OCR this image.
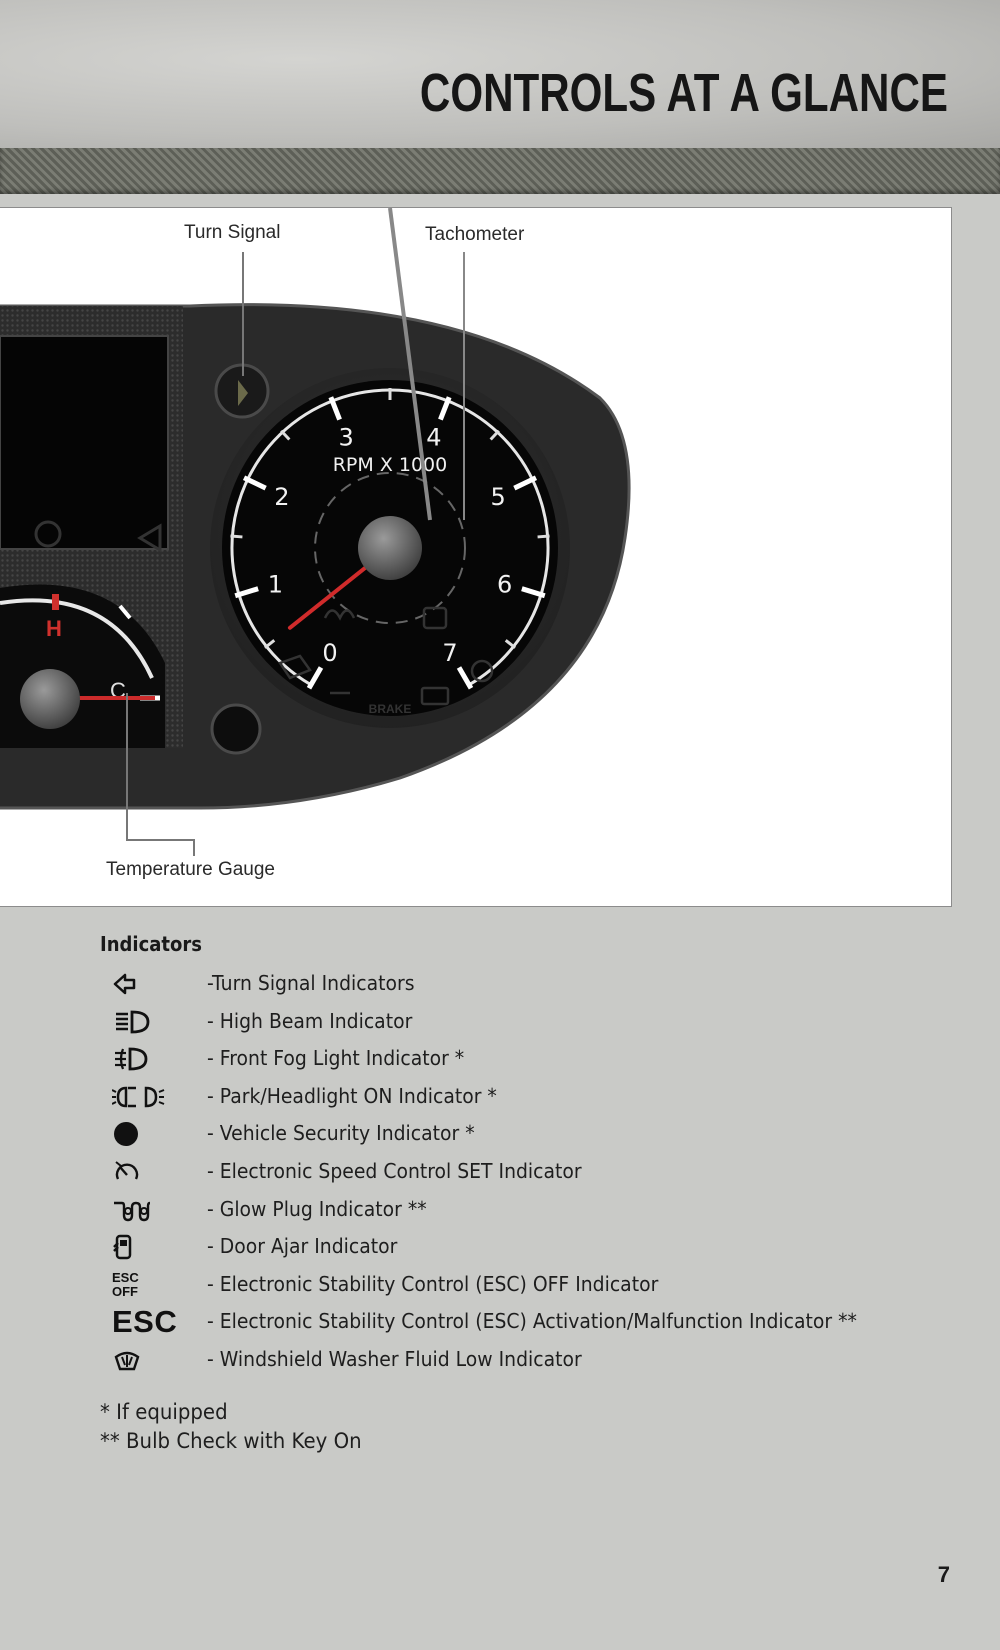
CONTROLS AT A GLANCE
H
C
0
1
2
3	4
5
6
7
RPM X 1000
BRAKE
Turn Signal	Tachometer
Temperature Gauge
Indicators
-Turn Signal Indicators
- High Beam Indicator
- Front Fog Light Indicator *
- Park/Headlight ON Indicator *
- Vehicle Security Indicator *
- Electronic Speed Control SET Indicator
- Glow Plug Indicator **
- Door Ajar Indicator
ESC
OFF	- Electronic Stability Control (ESC) OFF Indicator
ESC - Electronic Stability Control (ESC) Activation/Malfunction Indicator **
- Windshield Washer Fluid Low Indicator
* If equipped
** Bulb Check with Key On
7
